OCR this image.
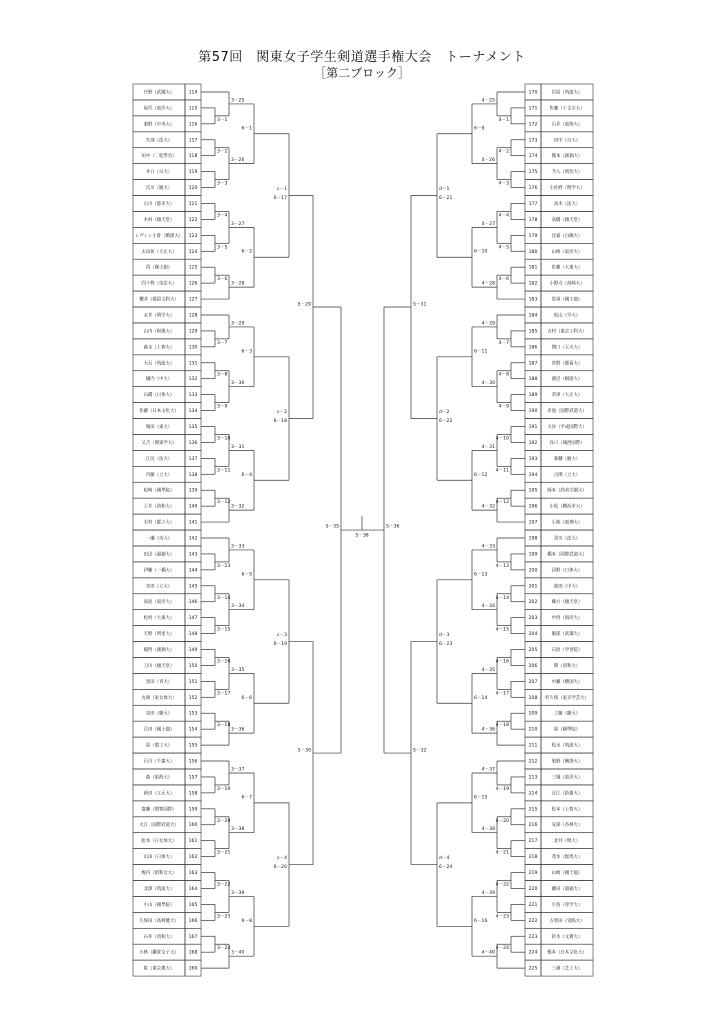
第57回　関東女子学生剣道選手権大会　トーナメント
［第二ブロック］
丹野（武蔵大）	114
星代（東洋大）	115
秦野（中央大）	116
矢部（法大）	117
田中（二松學舎）	118
井口（日大）	119
氏川（慶大）	120
古川（都市大）	121
木村（順天堂）	122
レヴィン小倉（駒澤大） 123
太田垣（大正大）	124
西（國士舘）	125
四十物（帝京大）	126
櫻井（都留文科大） 127
永井（明学大）	128
山内（和歌大）	129
森永（上智大）	130
大石（筑波大）	131
橘内（中大）	132
石橋（日体大）	133
佐藤（日本文化大） 134
堀田（東大）	135
又吉（関東学大）	136
江尻（法大）	137
内藤（立大）	138
松崎（國學院）	139
土井（清和大）	140
水村（都立大）	141
一瀬（帝大）	142
田辺（淑徳大）	143
伊藤（一橋大）	144
多田（立大）	145
高屋（東洋大）	146
松村（大東大）	147
天野（明星大）	148
稲西（創価大）	149
刀川（順天堂）	150
黒田（青大）	151
丸岡（東女体大）	152
泉田（慶大）	153
百田（國士舘）	154
原（農工大）	155
石川（千葉大）	156
森（東海大）	157
新田（立正大）	158
齋藤（関智国際）	159
大江（国際武道大） 160
松本（日女体大）	161
山田（日体大）	162
梅内（昭和女大）	163
北澤（筑波大）	164
小山（國學院）	165
久保田（高崎健大） 166
石井（清和大）	167
小林（鎌倉女子大） 168
乾（東京農大）	169
3－1
3－25
3－2
3－3
3－26
6－1
3－4
3－5
3－27
3－6
3－28
6－2
3－7
3－29
3－8
3－9
3－30
6－3
3－10
3－11
3－31
3－12
3－32
6－4
3－13
3－33
3－14
3－15
3－34
6－5
3－16
3－17
3－35
3－18
3－36
6－6
3－19
3－37
3－20
3－21
3－38
6－7
3－22
3－23
3－39
3－24
3－40
6－8
c－1
6－17
c－2
6－18
c－3
6－19
c－4
6－20
5－29
5－30
岩原（筑波大）
170
佐藤（十文字大）
171
石井（東海大）
172
田中（日大）
173
熊本（創価大）
174
今入（明治大）
175
小佐野（明学大）
176
高木（法大）
177
高橋（順天堂）
178
比嘉（白鷗大）
179
山崎（東洋大）
180
佐藤（大東大）
181
小野寺（高崎大）
182
黒須（國士舘）
183
松山（早大）
184
吉村（東京工科大）
185
関口（玉川大）
186
宮野（都留大）
187
渡辺（桐蔭大）
188
草津（大正大）
189
赤池（国際武道大）
190
大谷（平成国際大）
191
谷口（城西国際）
192
菊幡（慶大）
193
古関（立大）
194
岡本（尚美学園大）
195
小松（横浜市大）
196
小池（東理大）
197
景川（法大）
198
橋本（国際武道大）
199
河野（日体大）
200
池田（中大）
201
織方（順天堂）
202
中西（海洋大）
203
服部（武蔵大）
204
石原（学習院）
205
関（清和大）
206
中瀬（横国大）
207
杉久保（東京学芸大）
208
工藤（慶大）
209
崔（國學院）
210
松永（筑波大）
211
染野（駒澤大）
212
三城（東洋大）
213
辻江（防衛大）
214
松本（上智大）
215
安部（杏林大）
216
北井（明大）
217
茂木（群馬大）
218
山崎（國士舘）
219
藤田（淑徳大）
220
小島（青学大）
221
古賀田（実践大）
222
鈴木（文教大）
223
根本（日本文化大）
224
三浦（芝工大）
225
4－1
4－25
4－2
4－3
4－26
6－9
4－4
4－5
4－27
4－6
4－28
6－10
4－7
4－29
4－8
4－9
4－30
6－11
4－10
4－11
4－31
4－12
4－32
6－12
4－13
4－33
4－14
4－15
4－34
6－13
4－16
4－17
4－35
4－18
4－36
6－14
4－19
4－37
4－20
4－21
4－38
6－15
4－22
4－23
4－39
4－24
4－40
6－16
d－1
6－21
d－2
6－22
d－3
6－23
d－4
6－24
5－31
5－32
5－35	5－36
5－38
